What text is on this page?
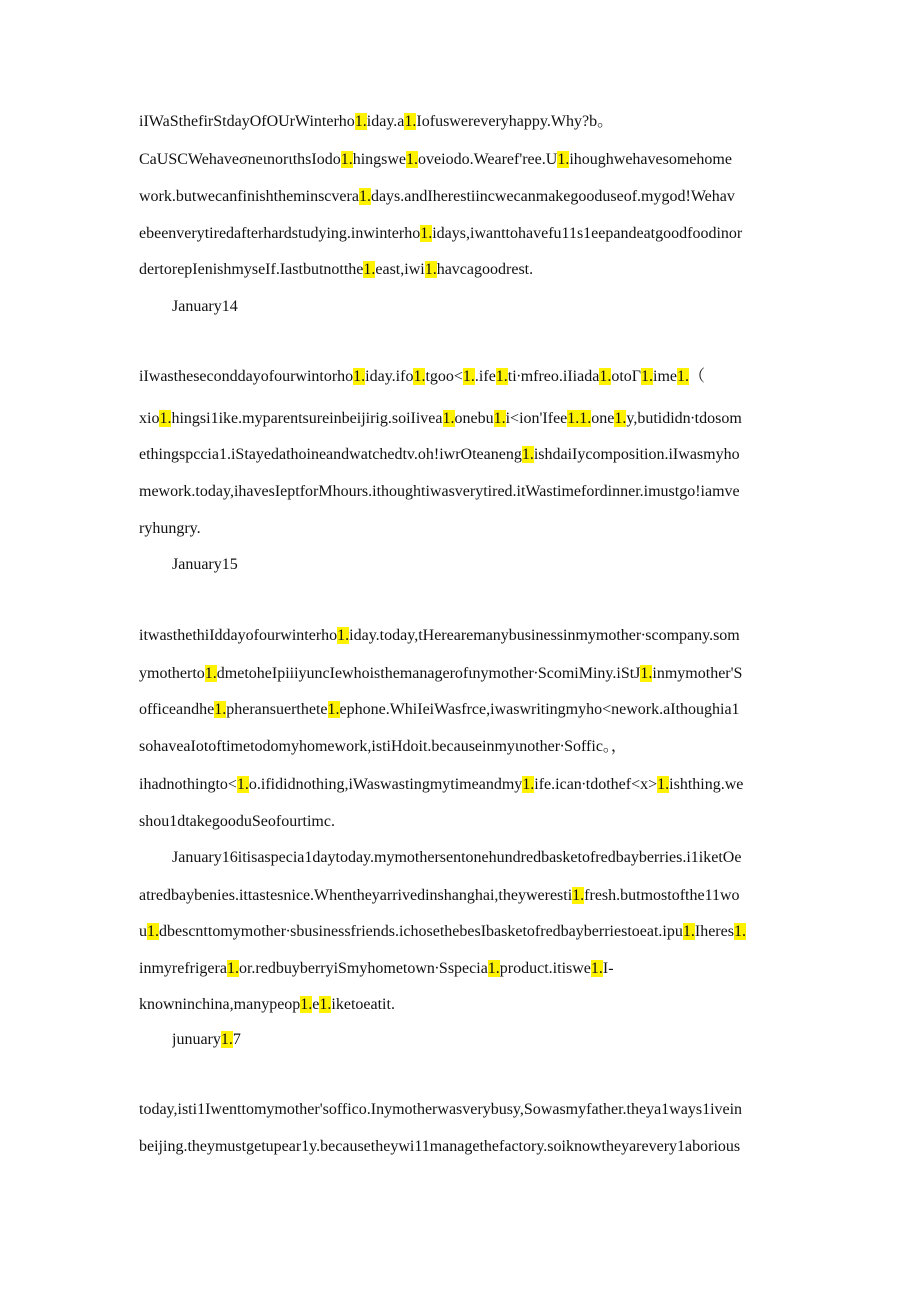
iIWaSthefirStdayOfOUrWinterho1.iday.a1.Iofuswereveryhappy.Why?b。
CaUSCWehaveσneιnorιthsIodo1.hingswe1.oveiodo.Wearef'ree.U1.ihoughwehavesomehome
work.butwecanfinishtheminscvera1.days.andIherestiincwecanmakegooduseof.mygod!Wehav
ebeenverytiredafterhardstudying.inwinterho1.idays,iwanttohavefu11s1eepandeatgoodfoodinor
dertorepIenishmyseIf.Iastbutnotthe1.east,iwi1.havcagoodrest.
January14
iIwastheseconddayofourwintorho1.iday.ifo1.tgoo<1..ife1.ti∙mfreo.iIiada1.otoΓ1.ime1.（
xio1.hingsi1ike.myparentsureinbeijirig.soiIivea1.onebu1.i<ion'Ifee1.1.one1.y,butididn∙tdosom
ethingspccia1.iStayedathoineandwatchedtv.oh!iwrOteaneng1.ishdaiIycomposition.iIwasmyho
mework.today,ihavesIeptforMhours.ithoughtiwasverytired.itWastimefordinner.imustgo!iamve
ryhungry.
January15
itwasthethiIddayofourwinterho1.iday.today,tHerearemanybusinessinmymother∙scompany.som
ymotherto1.dmetoheIpiiiyuncIewhoisthemanagerofιnymother∙ScomiMiny.iStJ1.inmymother'S
officeandhe1.pheransuerthete1.ephone.WhiIeiWasfrce,iwaswritingmyho<nework.aIthoughia1
sohaveaIotoftimetodomyhomework,istiHdoit.becauseinmyιnother∙Soffic。，
ihadnothingto<1.o.ifididnothing,iWaswastingmytimeandmy1.ife.ican∙tdothef<x>1.ishthing.we
shou1dtakegooduSeofourtimc.
January16itisaspecia1daytoday.mymothersentonehundredbasketofredbayberries.i1iketOe
atredbaybenies.ittastesnice.Whentheyarrivedinshanghai,theyweresti1.fresh.butmostofthe11wo
u1.dbescnttomymother∙sbusinessfriends.ichosethebesIbasketofredbayberriestoeat.ipu1.Iheres1.
inmyrefrigera1.or.redbuyberryiSmyhometown∙Sspecia1.product.itiswe1.I-
knowninchina,manypeop1.e1.iketoeatit.
junuary1.7
today,isti1Iwenttomymother'soffico.Inymotherwasverybusy,Sowasmyfather.theya1ways1ivein
beijing.theymustgetupear1y.becausetheywi11managethefactory.soiknowtheyarevery1aborious
